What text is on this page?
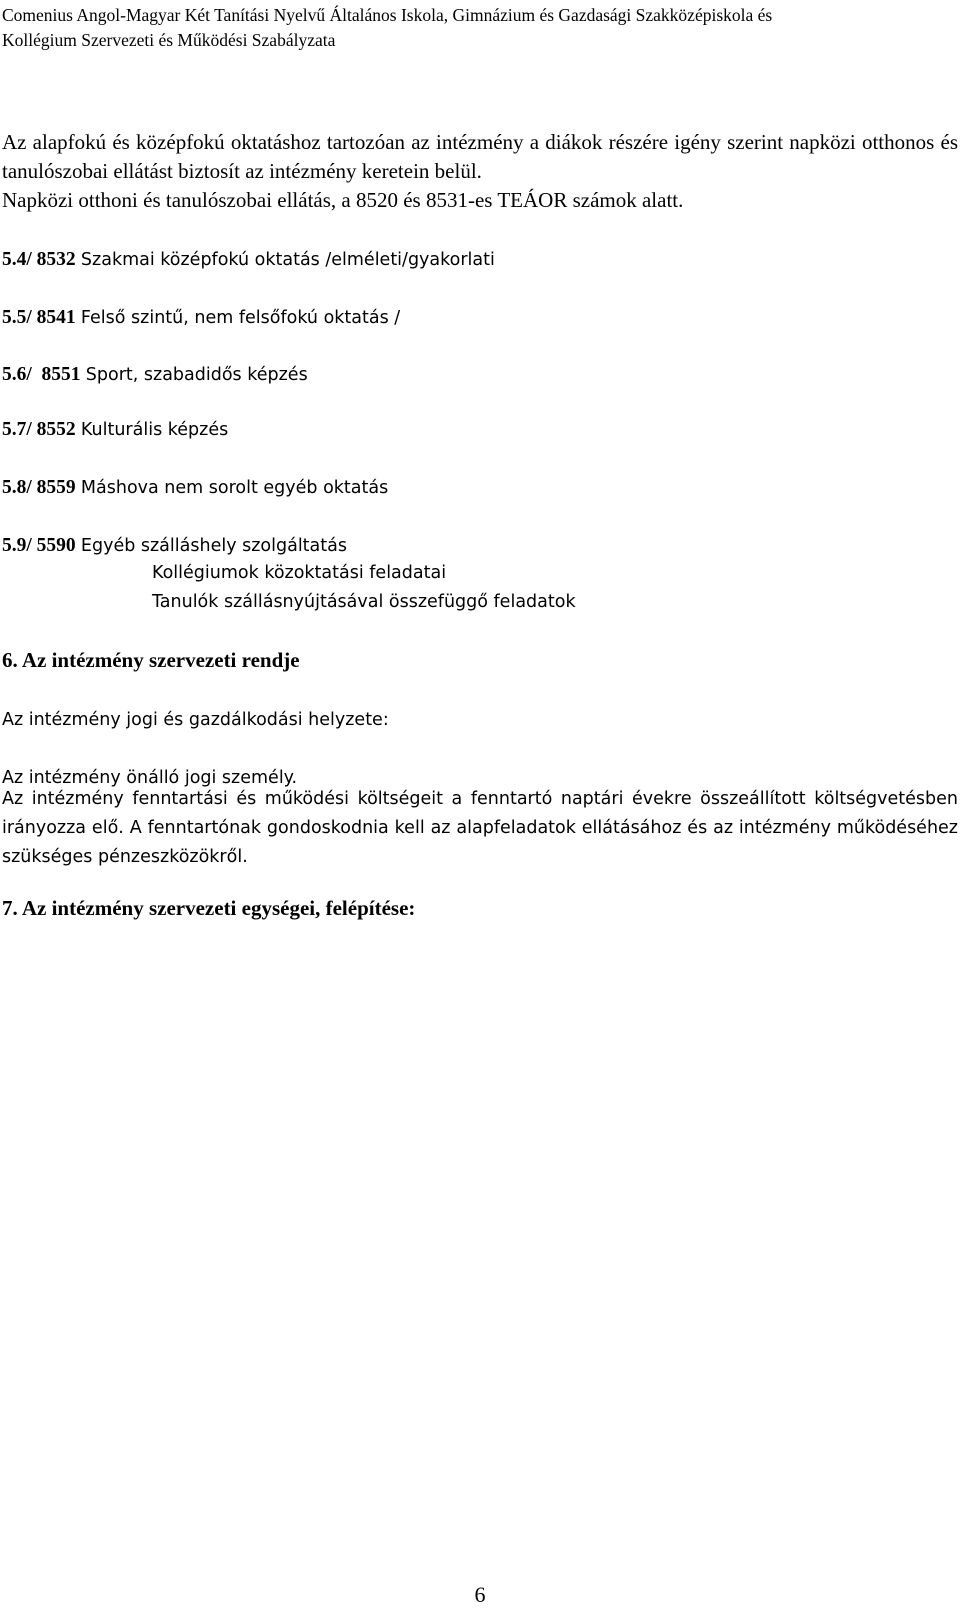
Comenius Angol-Magyar Két Tanítási Nyelvű Általános Iskola, Gimnázium és Gazdasági Szakközépiskola és
Kollégium Szervezeti és Működési Szabályzata
Az alapfokú és középfokú oktatáshoz tartozóan az intézmény a diákok részére igény szerint napközi otthonos és tanulószobai ellátást biztosít az intézmény keretein belül.
Napközi otthoni és tanulószobai ellátás, a 8520 és 8531-es TEÁOR számok alatt.
5.4/ 8532 Szakmai középfokú oktatás /elméleti/gyakorlati
5.5/ 8541 Felső szintű, nem felsőfokú oktatás /
5.6/  8551 Sport, szabadidős képzés
5.7/ 8552 Kulturális képzés
5.8/ 8559 Máshova nem sorolt egyéb oktatás
5.9/ 5590 Egyéb szálláshely szolgáltatás
Kollégiumok közoktatási feladatai
Tanulók szállásnyújtásával összefüggő feladatok
6. Az intézmény szervezeti rendje
Az intézmény jogi és gazdálkodási helyzete:
Az intézmény önálló jogi személy.
Az intézmény fenntartási és működési költségeit a fenntartó naptári évekre összeállított költségvetésben irányozza elő. A fenntartónak gondoskodnia kell az alapfeladatok ellátásához és az intézmény működéséhez szükséges pénzeszközökről.
7. Az intézmény szervezeti egységei, felépítése:
6
